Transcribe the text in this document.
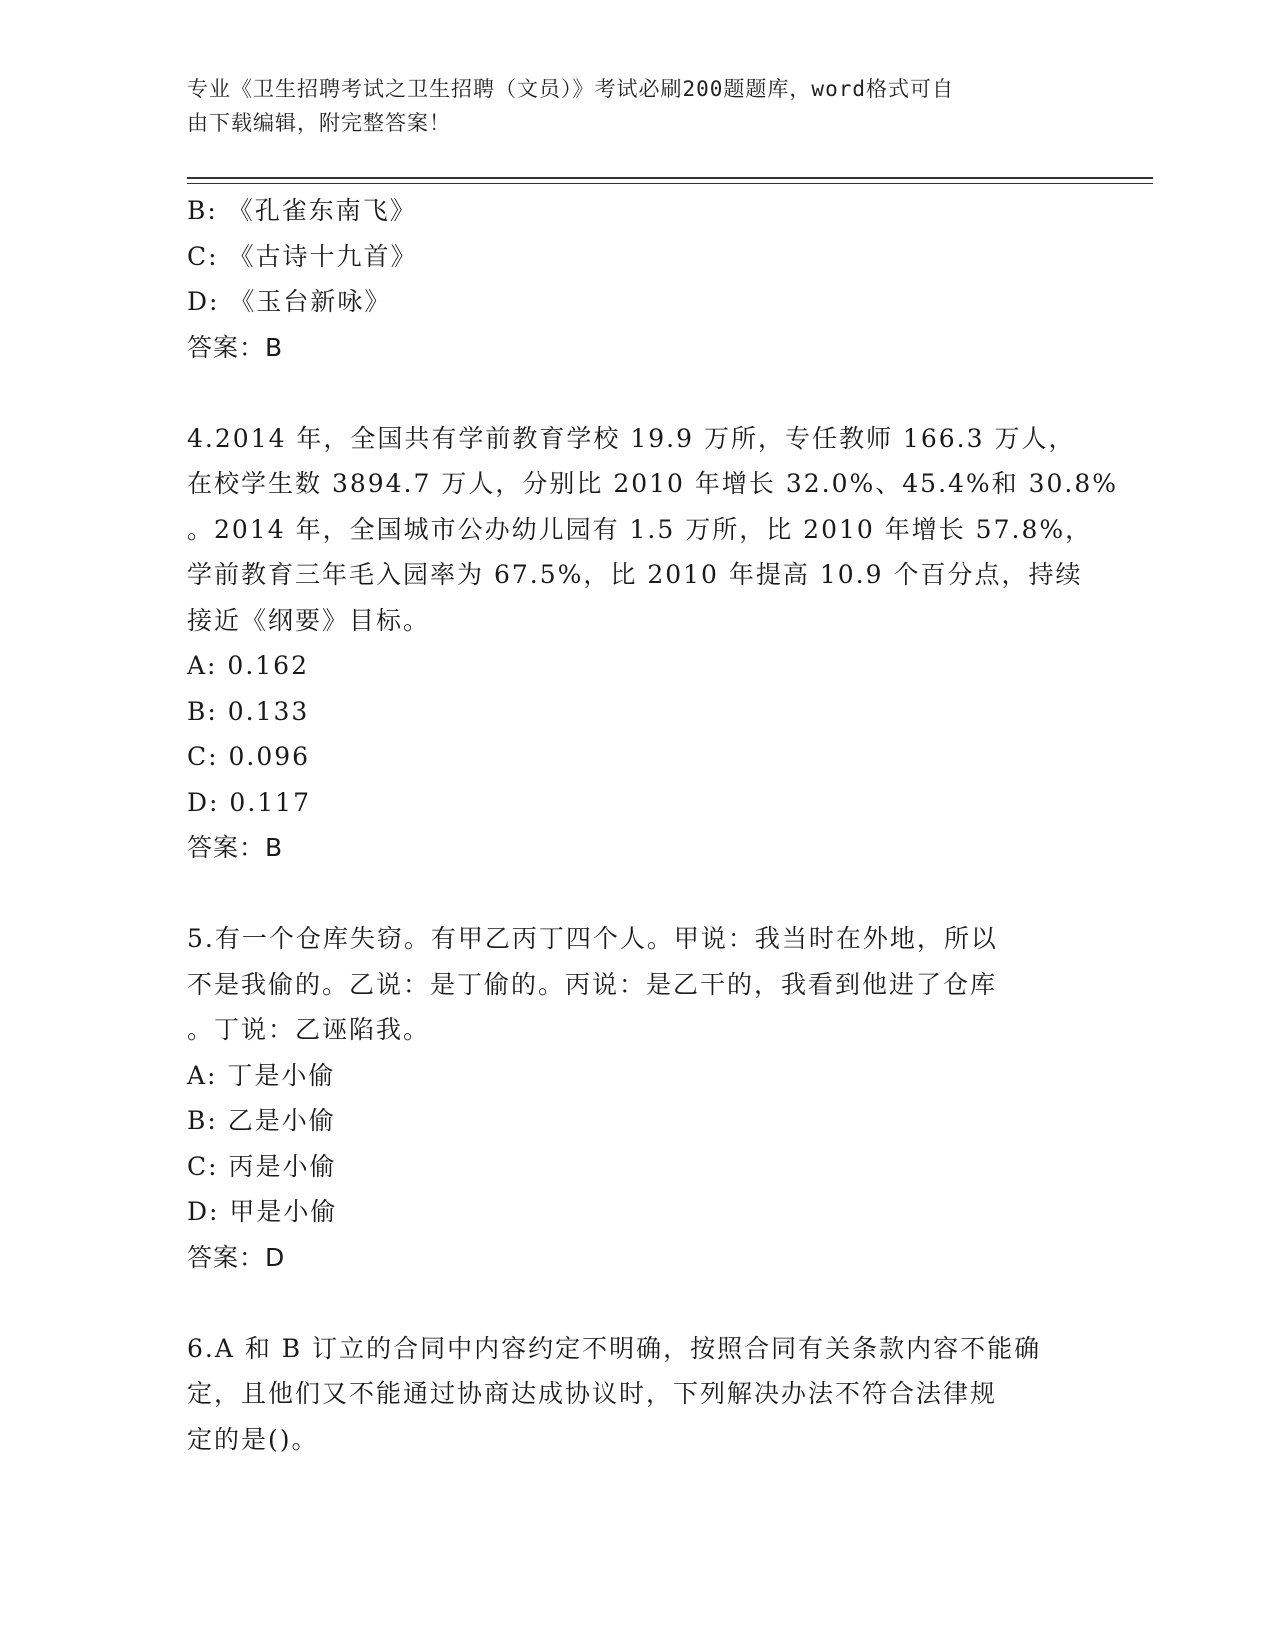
专业《卫生招聘考试之卫生招聘（文员）》考试必刷200题题库，word格式可自
由下载编辑，附完整答案！
B: 《孔雀东南飞》
C: 《古诗十九首》
D: 《玉台新咏》
答案：B
4.2014 年，全国共有学前教育学校 19.9 万所，专任教师 166.3 万人，
在校学生数 3894.7 万人，分别比 2010 年增长 32.0%、45.4%和 30.8%
。2014 年，全国城市公办幼儿园有 1.5 万所，比 2010 年增长 57.8%，
学前教育三年毛入园率为 67.5%，比 2010 年提高 10.9 个百分点，持续
接近《纲要》目标。
A: 0.162
B: 0.133
C: 0.096
D: 0.117
答案：B
5.有一个仓库失窃。有甲乙丙丁四个人。甲说：我当时在外地，所以
不是我偷的。乙说：是丁偷的。丙说：是乙干的，我看到他进了仓库
。丁说：乙诬陷我。
A: 丁是小偷
B: 乙是小偷
C: 丙是小偷
D: 甲是小偷
答案：D
6.A 和 B 订立的合同中内容约定不明确，按照合同有关条款内容不能确
定，且他们又不能通过协商达成协议时，下列解决办法不符合法律规
定的是()。
